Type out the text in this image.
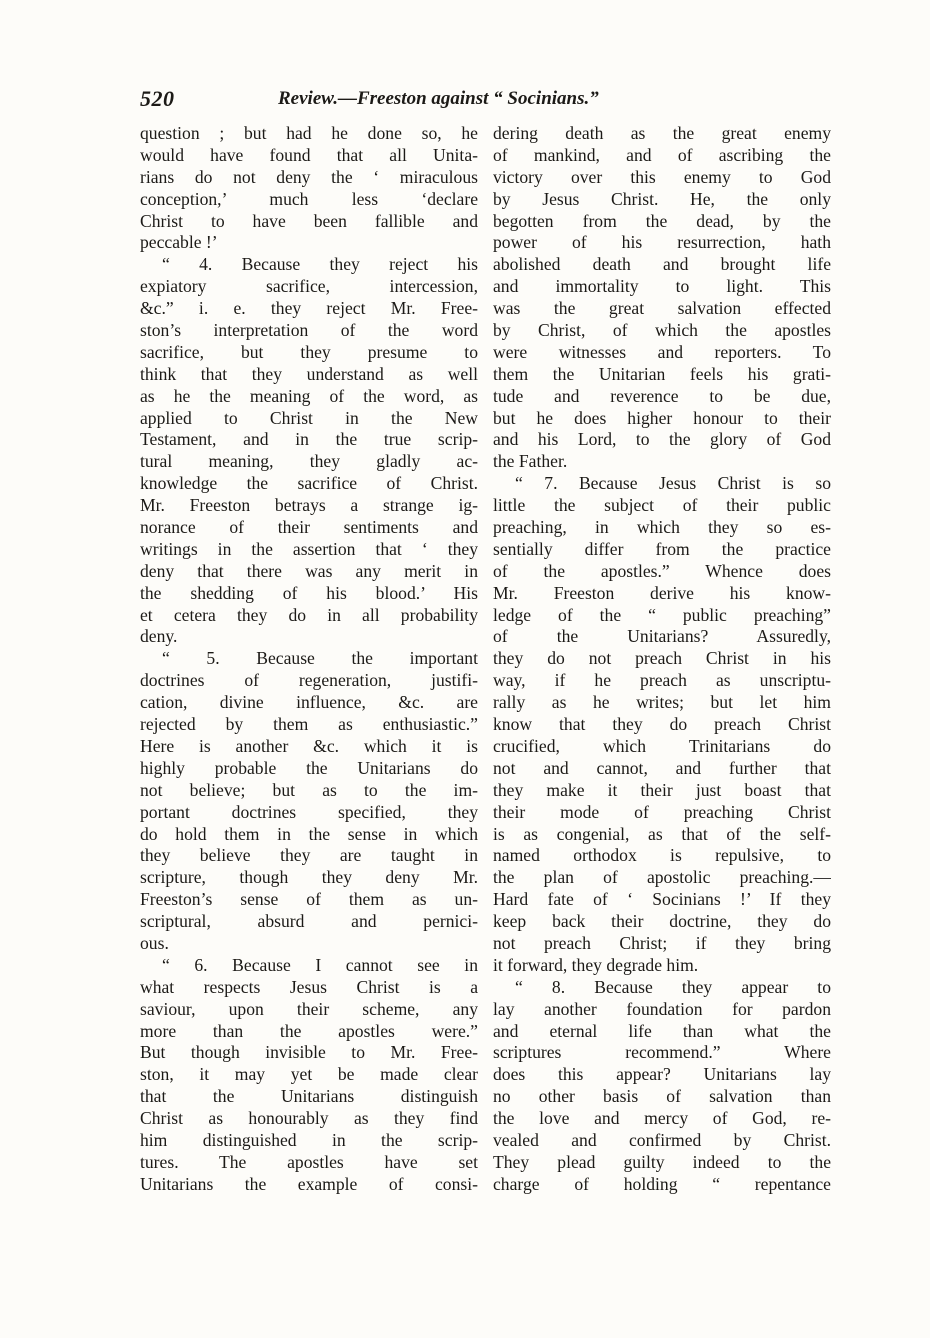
520	Review.—Freeston against “ Socinians.”
question ; but had he done so, he
would have found that all Unita-
rians do not deny the ‘ miraculous
conception,’ much less ‘declare
Christ to have been fallible and
peccable !’
“ 4. Because they reject his
expiatory sacrifice, intercession,
&c.” i. e. they reject Mr. Free-
ston’s interpretation of the word
sacrifice, but they presume to
think that they understand as well
as he the meaning of the word, as
applied to Christ in the New
Testament, and in the true scrip-
tural meaning, they gladly ac-
knowledge the sacrifice of Christ.
Mr. Freeston betrays a strange ig-
norance of their sentiments and
writings in the assertion that ‘ they
deny that there was any merit in
the shedding of his blood.’ His
et cetera they do in all probability
deny.
“ 5. Because the important
doctrines of regeneration, justifi-
cation, divine influence, &c. are
rejected by them as enthusiastic.”
Here is another &c. which it is
highly probable the Unitarians do
not believe; but as to the im-
portant doctrines specified, they
do hold them in the sense in which
they believe they are taught in
scripture, though they deny Mr.
Freeston’s sense of them as un-
scriptural, absurd and pernici-
ous.
“ 6. Because I cannot see in
what respects Jesus Christ is a
saviour, upon their scheme, any
more than the apostles were.”
But though invisible to Mr. Free-
ston, it may yet be made clear
that the Unitarians distinguish
Christ as honourably as they find
him distinguished in the scrip-
tures. The apostles have set
Unitarians the example of consi-
dering death as the great enemy
of mankind, and of ascribing the
victory over this enemy to God
by Jesus Christ. He, the only
begotten from the dead, by the
power of his resurrection, hath
abolished death and brought life
and immortality to light. This
was the great salvation effected
by Christ, of which the apostles
were witnesses and reporters. To
them the Unitarian feels his grati-
tude and reverence to be due,
but he does higher honour to their
and his Lord, to the glory of God
the Father.
“ 7. Because Jesus Christ is so
little the subject of their public
preaching, in which they so es-
sentially differ from the practice
of the apostles.” Whence does
Mr. Freeston derive his know-
ledge of the “ public preaching”
of the Unitarians? Assuredly,
they do not preach Christ in his
way, if he preach as unscriptu-
rally as he writes; but let him
know that they do preach Christ
crucified, which Trinitarians do
not and cannot, and further that
they make it their just boast that
their mode of preaching Christ
is as congenial, as that of the self-
named orthodox is repulsive, to
the plan of apostolic preaching.—
Hard fate of ‘ Socinians !’ If they
keep back their doctrine, they do
not preach Christ; if they bring
it forward, they degrade him.
“ 8. Because they appear to
lay another foundation for pardon
and eternal life than what the
scriptures recommend.” Where
does this appear? Unitarians lay
no other basis of salvation than
the love and mercy of God, re-
vealed and confirmed by Christ.
They plead guilty indeed to the
charge of holding “ repentance
